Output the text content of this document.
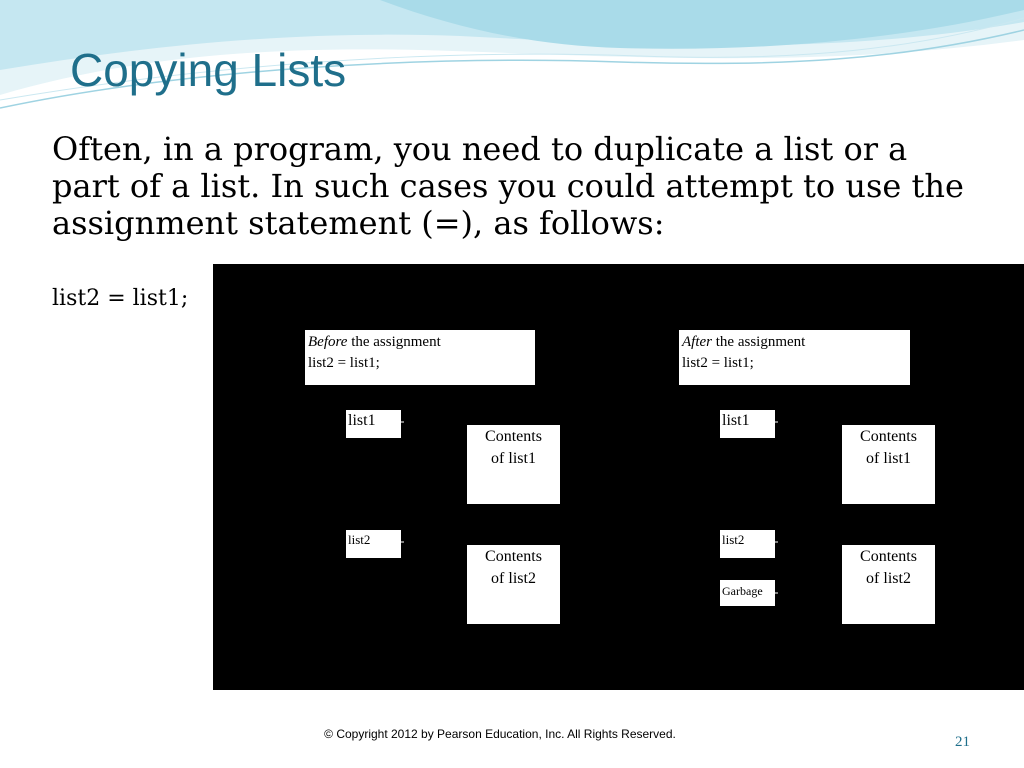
Copying Lists
Often, in a program, you need to duplicate a list or a part of a list. In such cases you could attempt to use the assignment statement (=), as follows:
list2 = list1;
Before the assignment
list2 = list1;
list1
list2
Contents
of list1
Contents
of list2
After the assignment
list2 = list1;
list1
list2
Garbage
Contents
of list1
Contents
of list2
© Copyright 2012 by Pearson Education, Inc. All Rights Reserved.	21
